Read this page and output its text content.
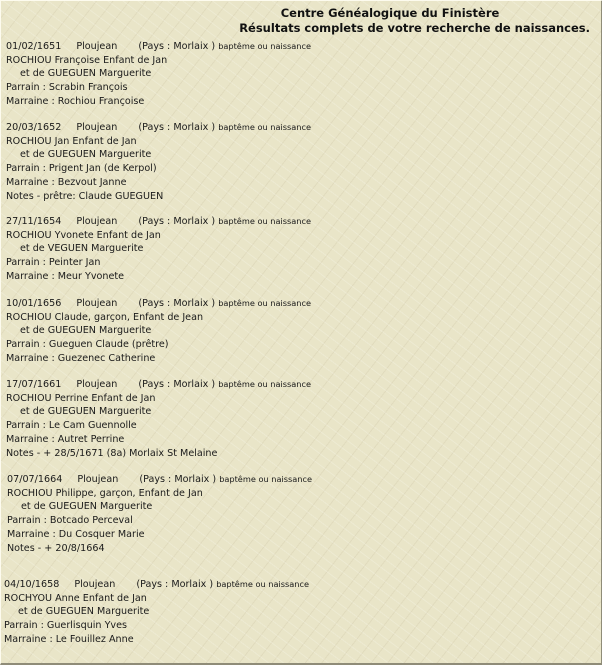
Centre Généalogique du Finistère
Résultats complets de votre recherche de naissances.
01/02/1651 Ploujean (Pays : Morlaix ) baptême ou naissance
ROCHIOU Françoise Enfant de Jan
et de GUEGUEN Marguerite
Parrain : Scrabin François
Marraine : Rochiou Françoise
20/03/1652 Ploujean (Pays : Morlaix ) baptême ou naissance
ROCHIOU Jan Enfant de Jan
et de GUEGUEN Marguerite
Parrain : Prigent Jan (de Kerpol)
Marraine : Bezvout Janne
Notes - prêtre: Claude GUEGUEN
27/11/1654 Ploujean (Pays : Morlaix ) baptême ou naissance
ROCHIOU Yvonete Enfant de Jan
et de VEGUEN Marguerite
Parrain : Peinter Jan
Marraine : Meur Yvonete
10/01/1656 Ploujean (Pays : Morlaix ) baptême ou naissance
ROCHIOU Claude, garçon, Enfant de Jean
et de GUEGUEN Marguerite
Parrain : Gueguen Claude (prêtre)
Marraine : Guezenec Catherine
17/07/1661 Ploujean (Pays : Morlaix ) baptême ou naissance
ROCHIOU Perrine Enfant de Jan
et de GUEGUEN Marguerite
Parrain : Le Cam Guennolle
Marraine : Autret Perrine
Notes - + 28/5/1671 (8a) Morlaix St Melaine
07/07/1664 Ploujean (Pays : Morlaix ) baptême ou naissance
ROCHIOU Philippe, garçon, Enfant de Jan
et de GUEGUEN Marguerite
Parrain : Botcado Perceval
Marraine : Du Cosquer Marie
Notes - + 20/8/1664
04/10/1658 Ploujean (Pays : Morlaix ) baptême ou naissance
ROCHYOU Anne Enfant de Jan
et de GUEGUEN Marguerite
Parrain : Guerlisquin Yves
Marraine : Le Fouillez Anne
